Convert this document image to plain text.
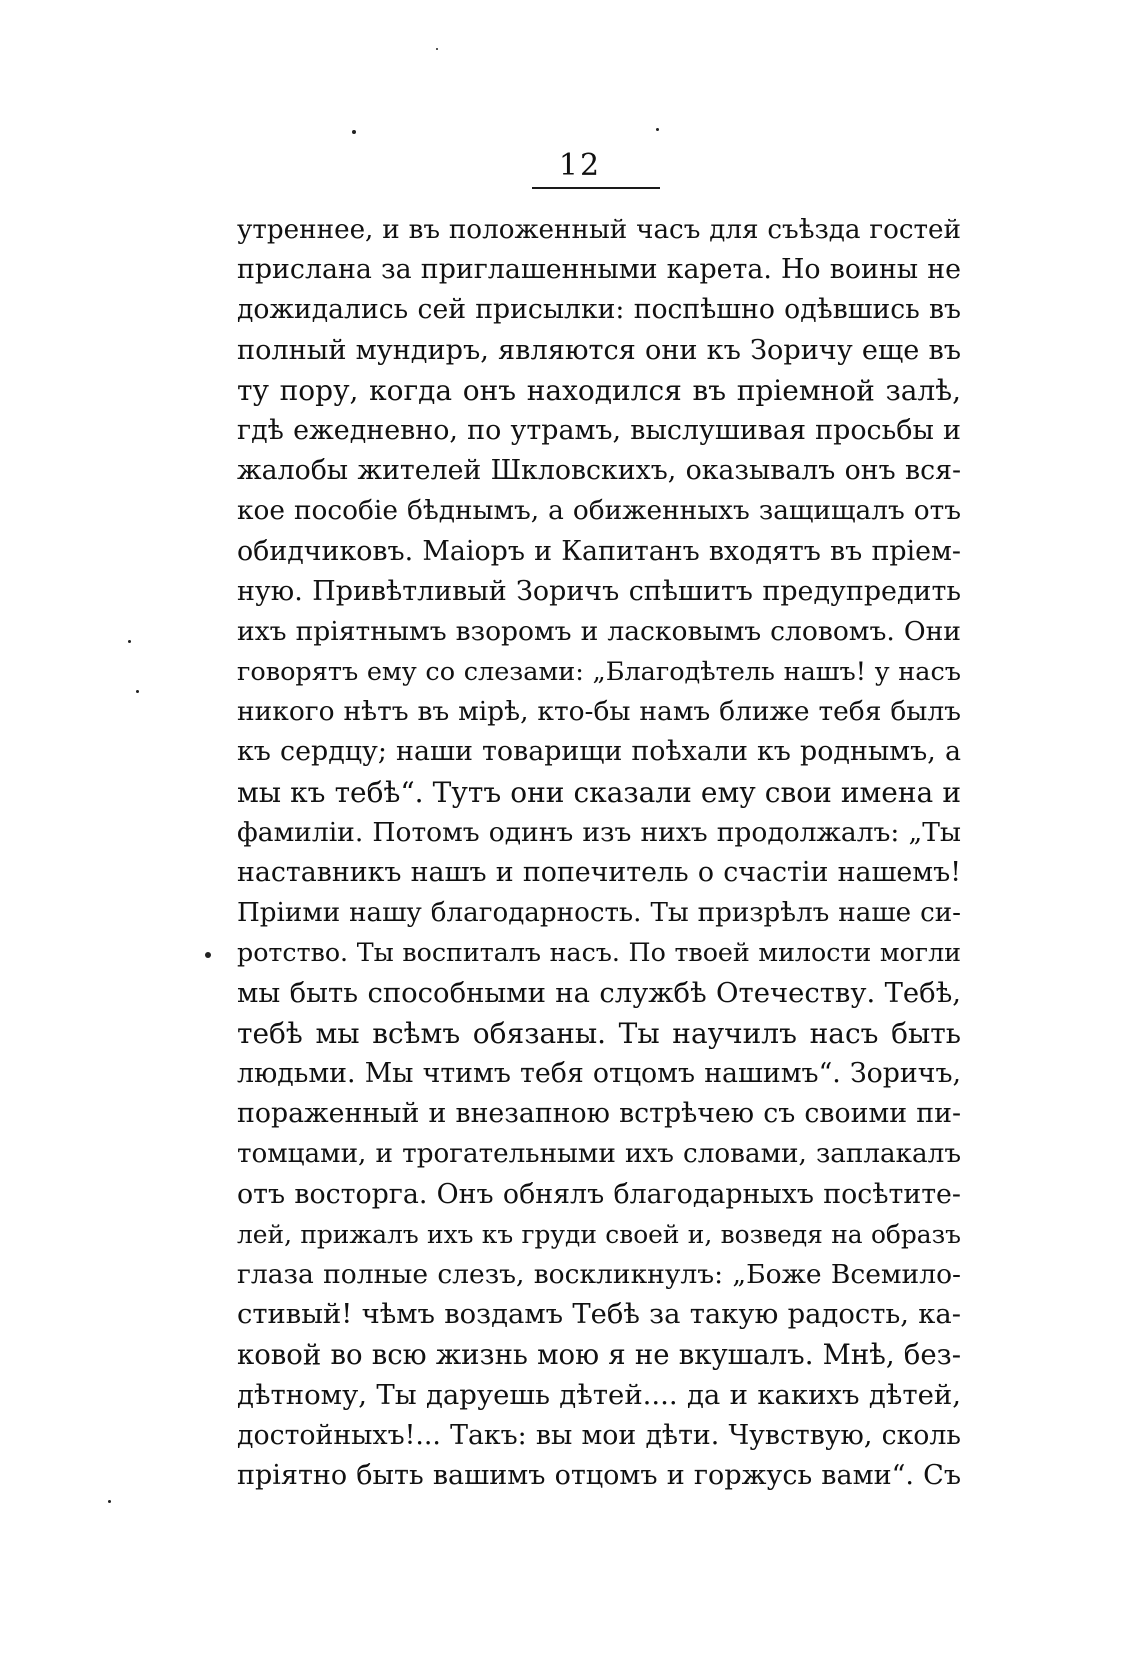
12
утреннее, и въ положенный часъ для съѣзда гостей
прислана за приглашенными карета. Но воины не
дожидались сей присылки: поспѣшно одѣвшись въ
полный мундиръ, являются они къ Зоричу еще въ
ту пору, когда онъ находился въ пріемной залѣ,
гдѣ ежедневно, по утрамъ, выслушивая просьбы и
жалобы жителей Шкловскихъ, оказывалъ онъ вся-
кое пособіе бѣднымъ, а обиженныхъ защищалъ отъ
обидчиковъ. Маіоръ и Капитанъ входятъ въ пріем-
ную. Привѣтливый Зоричъ спѣшитъ предупредить
ихъ пріятнымъ взоромъ и ласковымъ словомъ. Они
говорятъ ему со слезами: „Благодѣтель нашъ! у насъ
никого нѣтъ въ мірѣ, кто-бы намъ ближе тебя былъ
къ сердцу; наши товарищи поѣхали къ роднымъ, а
мы къ тебѣ“. Тутъ они сказали ему свои имена и
фамиліи. Потомъ одинъ изъ нихъ продолжалъ: „Ты
наставникъ нашъ и попечитель о счастіи нашемъ!
Пріими нашу благодарность. Ты призрѣлъ наше си-
ротство. Ты воспиталъ насъ. По твоей милости могли
мы быть способными на службѣ Отечеству. Тебѣ,
тебѣ мы всѣмъ обязаны. Ты научилъ насъ быть
людьми. Мы чтимъ тебя отцомъ нашимъ“. Зоричъ,
пораженный и внезапною встрѣчею съ своими пи-
томцами, и трогательными ихъ словами, заплакалъ
отъ восторга. Онъ обнялъ благодарныхъ посѣтите-
лей, прижалъ ихъ къ груди своей и, возведя на образъ
глаза полные слезъ, воскликнулъ: „Боже Всемило-
стивый! чѣмъ воздамъ Тебѣ за такую радость, ка-
ковой во всю жизнь мою я не вкушалъ. Мнѣ, без-
дѣтному, Ты даруешь дѣтей.... да и какихъ дѣтей,
достойныхъ!... Такъ: вы мои дѣти. Чувствую, сколь
пріятно быть вашимъ отцомъ и горжусь вами“. Съ
